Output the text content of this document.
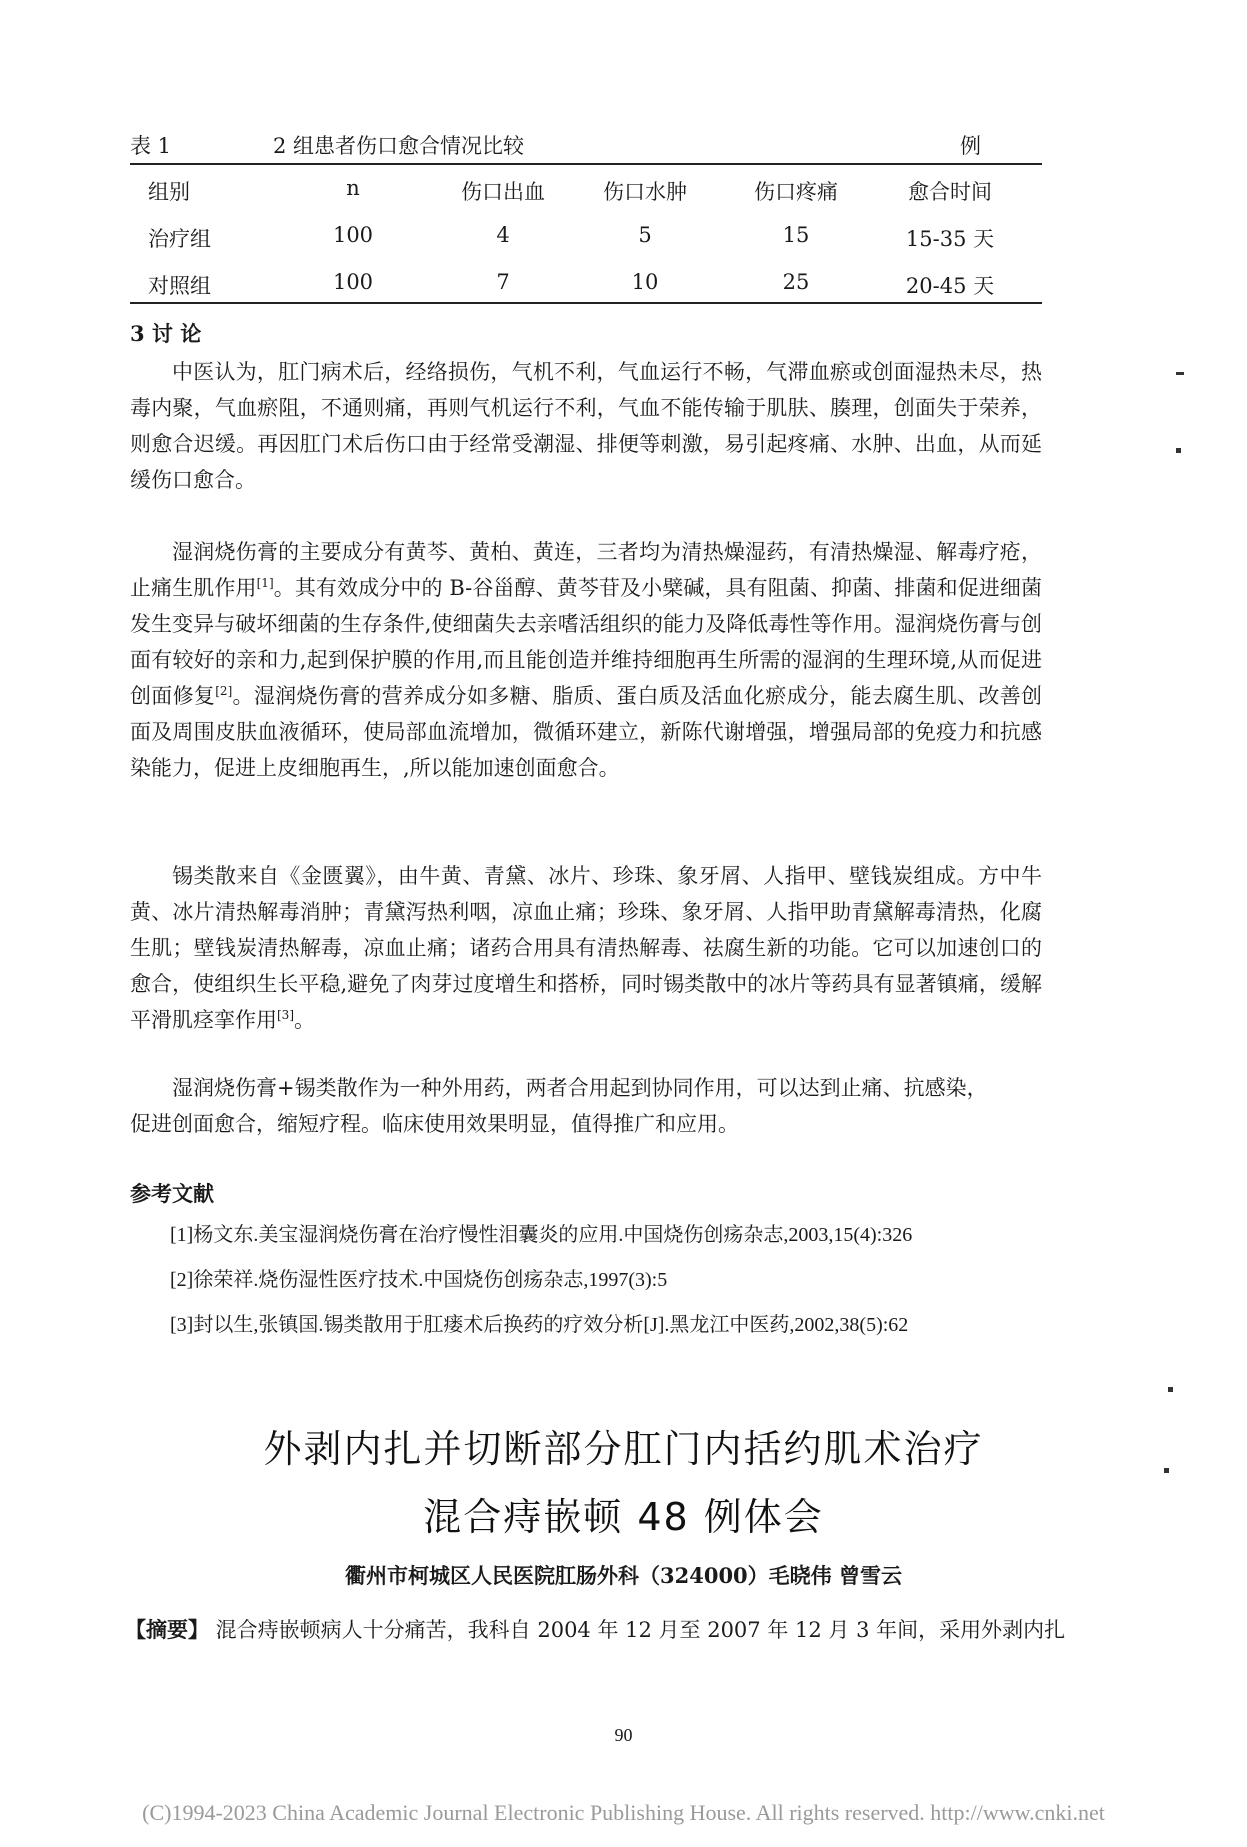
表 1	2 组患者伤口愈合情况比较	例
组别	n	伤口出血	伤口水肿	伤口疼痛	愈合时间
治疗组	100	4	5	15	15-35 天
对照组	100	7	10	25	20-45 天
3 讨 论

中医认为，肛门病术后，经络损伤，气机不利，气血运行不畅，气滞血瘀或创面湿热未尽，热毒内聚，气血瘀阻，不通则痛，再则气机运行不利，气血不能传输于肌肤、腠理，创面失于荣养，则愈合迟缓。再因肛门术后伤口由于经常受潮湿、排便等刺激，易引起疼痛、水肿、出血，从而延缓伤口愈合。

湿润烧伤膏的主要成分有黄芩、黄柏、黄连，三者均为清热燥湿药，有清热燥湿、解毒疗疮，止痛生肌作用[1]。其有效成分中的 B-谷甾醇、黄芩苷及小檗碱，具有阻菌、抑菌、排菌和促进细菌发生变异与破坏细菌的生存条件,使细菌失去亲嗜活组织的能力及降低毒性等作用。湿润烧伤膏与创面有较好的亲和力,起到保护膜的作用,而且能创造并维持细胞再生所需的湿润的生理环境,从而促进创面修复[2]。湿润烧伤膏的营养成分如多糖、脂质、蛋白质及活血化瘀成分，能去腐生肌、改善创面及周围皮肤血液循环，使局部血流增加，微循环建立，新陈代谢增强，增强局部的免疫力和抗感染能力，促进上皮细胞再生，,所以能加速创面愈合。

锡类散来自《金匮翼》，由牛黄、青黛、冰片、珍珠、象牙屑、人指甲、壁钱炭组成。方中牛黄、冰片清热解毒消肿；青黛泻热利咽，凉血止痛；珍珠、象牙屑、人指甲助青黛解毒清热，化腐生肌；壁钱炭清热解毒，凉血止痛；诸药合用具有清热解毒、祛腐生新的功能。它可以加速创口的愈合，使组织生长平稳,避免了肉芽过度增生和搭桥，同时锡类散中的冰片等药具有显著镇痛，缓解平滑肌痉挛作用[3]。

湿润烧伤膏+锡类散作为一种外用药，两者合用起到协同作用，可以达到止痛、抗感染，
促进创面愈合，缩短疗程。临床使用效果明显，值得推广和应用。
参考文献
[1]杨文东.美宝湿润烧伤膏在治疗慢性泪囊炎的应用.中国烧伤创疡杂志,2003,15(4):326
[2]徐荣祥.烧伤湿性医疗技术.中国烧伤创疡杂志,1997(3):5
[3]封以生,张镇国.锡类散用于肛瘘术后换药的疗效分析[J].黑龙江中医药,2002,38(5):62
外剥内扎并切断部分肛门内括约肌术治疗
混合痔嵌顿 48 例体会
衢州市柯城区人民医院肛肠外科（324000）毛晓伟 曾雪云
【摘要】 混合痔嵌顿病人十分痛苦，我科自 2004 年 12 月至 2007 年 12 月 3 年间，采用外剥内扎
90
(C)1994-2023 China Academic Journal Electronic Publishing House. All rights reserved. http://www.cnki.net
